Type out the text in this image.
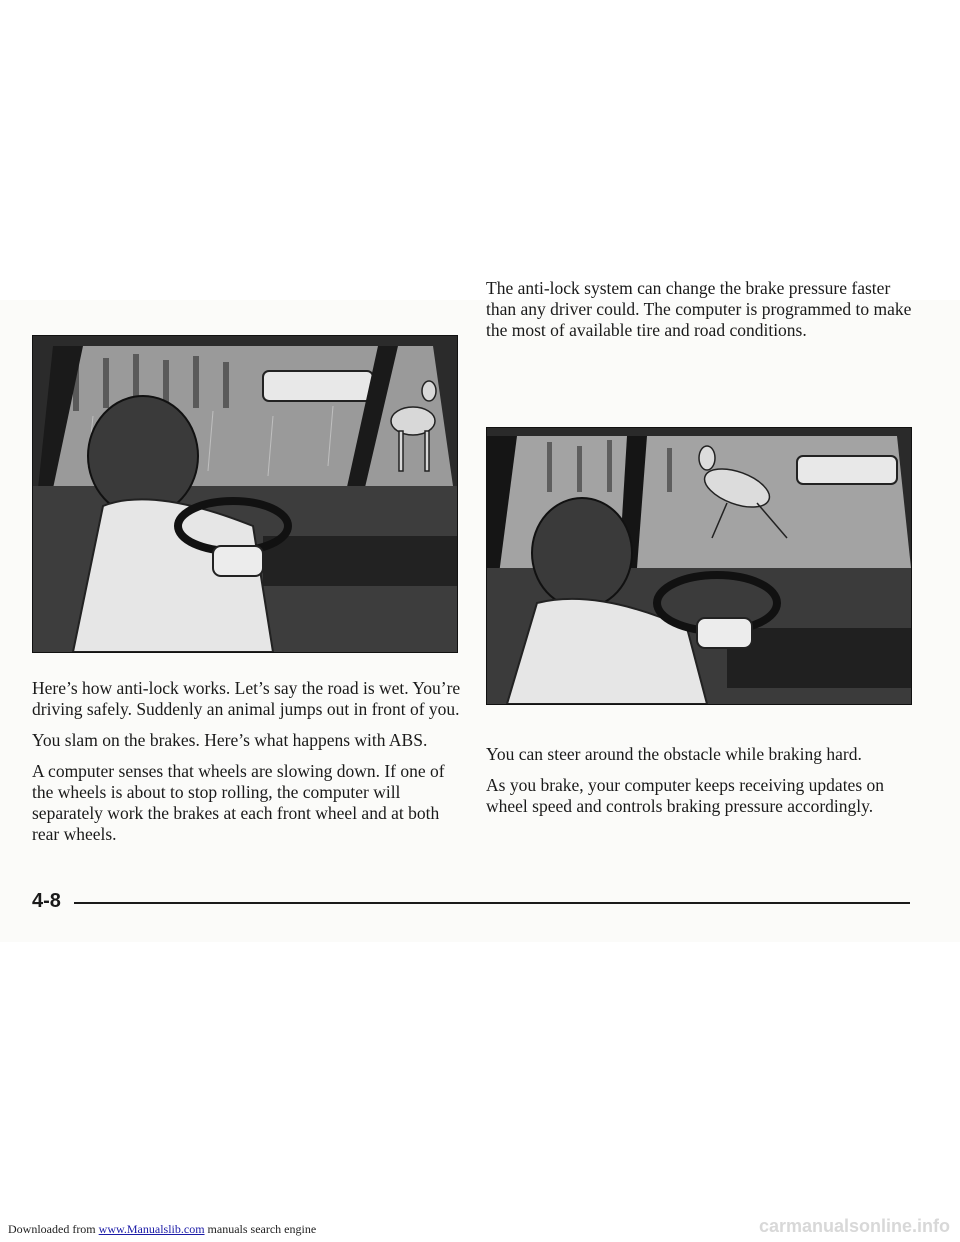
The anti-lock system can change the brake pressure faster than any driver could. The computer is programmed to make the most of available tire and road conditions.

Here’s how anti-lock works. Let’s say the road is wet. You’re driving safely. Suddenly an animal jumps out in front of you.

You slam on the brakes. Here’s what happens with ABS.

A computer senses that wheels are slowing down. If one of the wheels is about to stop rolling, the computer will separately work the brakes at each front wheel and at both rear wheels.

You can steer around the obstacle while braking hard.

As you brake, your computer keeps receiving updates on wheel speed and controls braking pressure accordingly.

4-8
Downloaded from www.Manualslib.com manuals search engine	carmanualsonline.info
